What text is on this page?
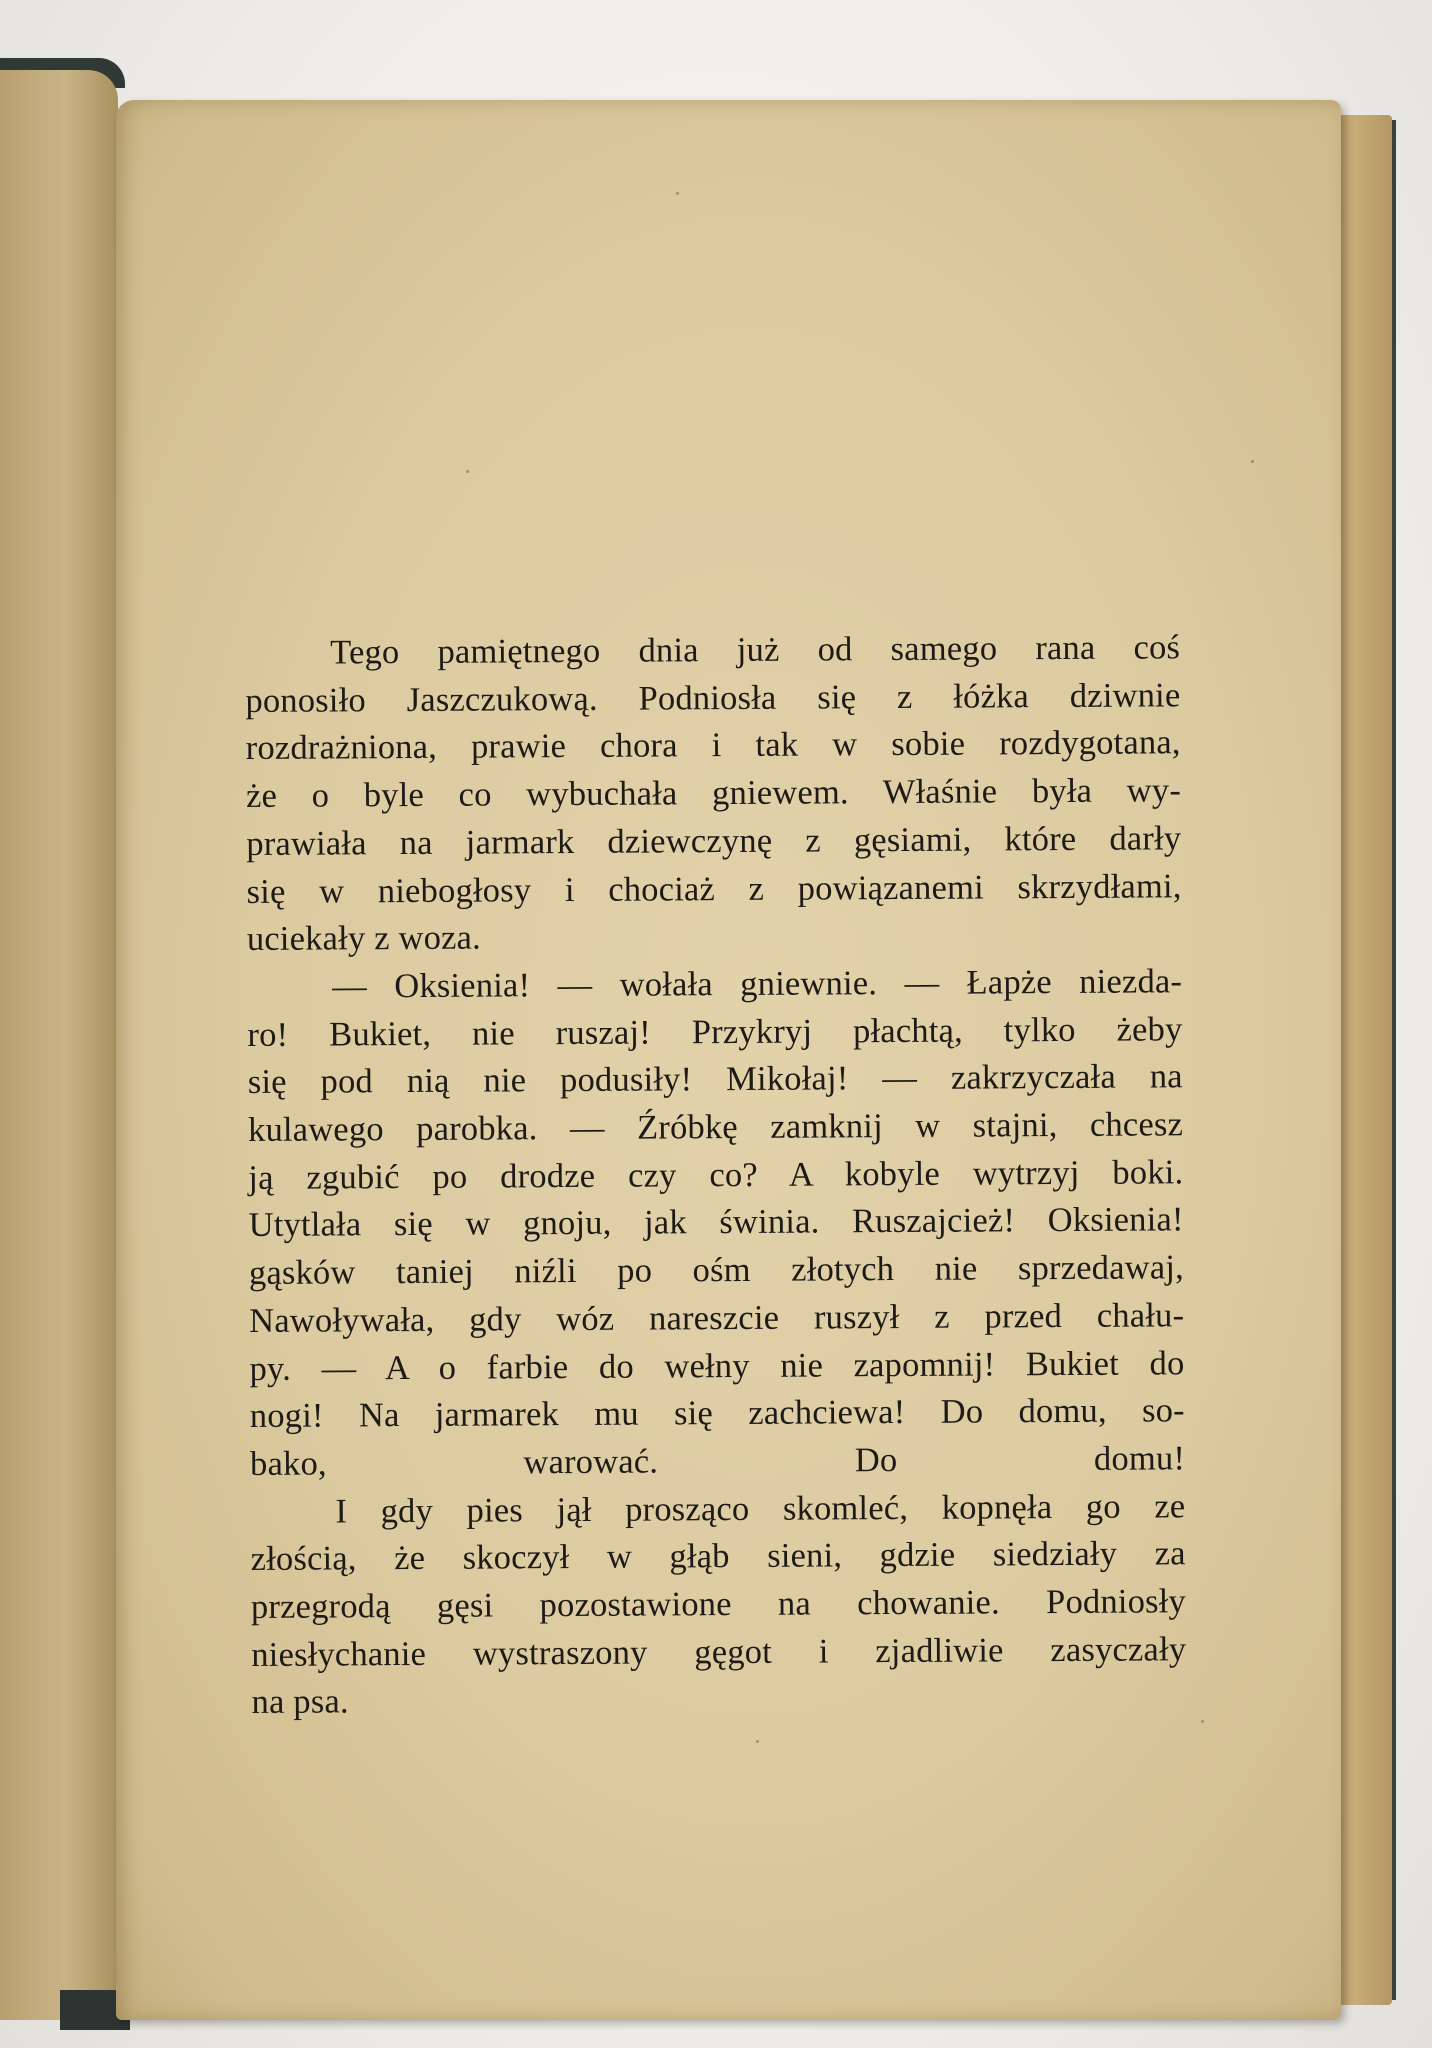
Tego pamiętnego dnia już od samego rana coś
ponosiło Jaszczukową. Podniosła się z łóżka dziwnie
rozdrażniona, prawie chora i tak w sobie rozdygotana,
że o byle co wybuchała gniewem. Właśnie była wy-
prawiała na jarmark dziewczynę z gęsiami, które darły
się w niebogłosy i chociaż z powiązanemi skrzydłami,
uciekały z woza.

— Oksienia! — wołała gniewnie. — Łapże niezda-
ro! Bukiet, nie ruszaj! Przykryj płachtą, tylko żeby
się pod nią nie podusiły! Mikołaj! — zakrzyczała na
kulawego parobka. — Źróbkę zamknij w stajni, chcesz
ją zgubić po drodze czy co? A kobyle wytrzyj boki.
Utytlała się w gnoju, jak świnia. Ruszajcież! Oksienia!
gąsków taniej niźli po ośm złotych nie sprzedawaj,
Nawoływała, gdy wóz nareszcie ruszył z przed chału-
py. — A o farbie do wełny nie zapomnij! Bukiet do
nogi! Na jarmarek mu się zachciewa! Do domu, so-
bako, warować. Do domu!

I gdy pies jął prosząco skomleć, kopnęła go ze
złością, że skoczył w głąb sieni, gdzie siedziały za
przegrodą gęsi pozostawione na chowanie. Podniosły
niesłychanie wystraszony gęgot i zjadliwie zasyczały
na psa.
